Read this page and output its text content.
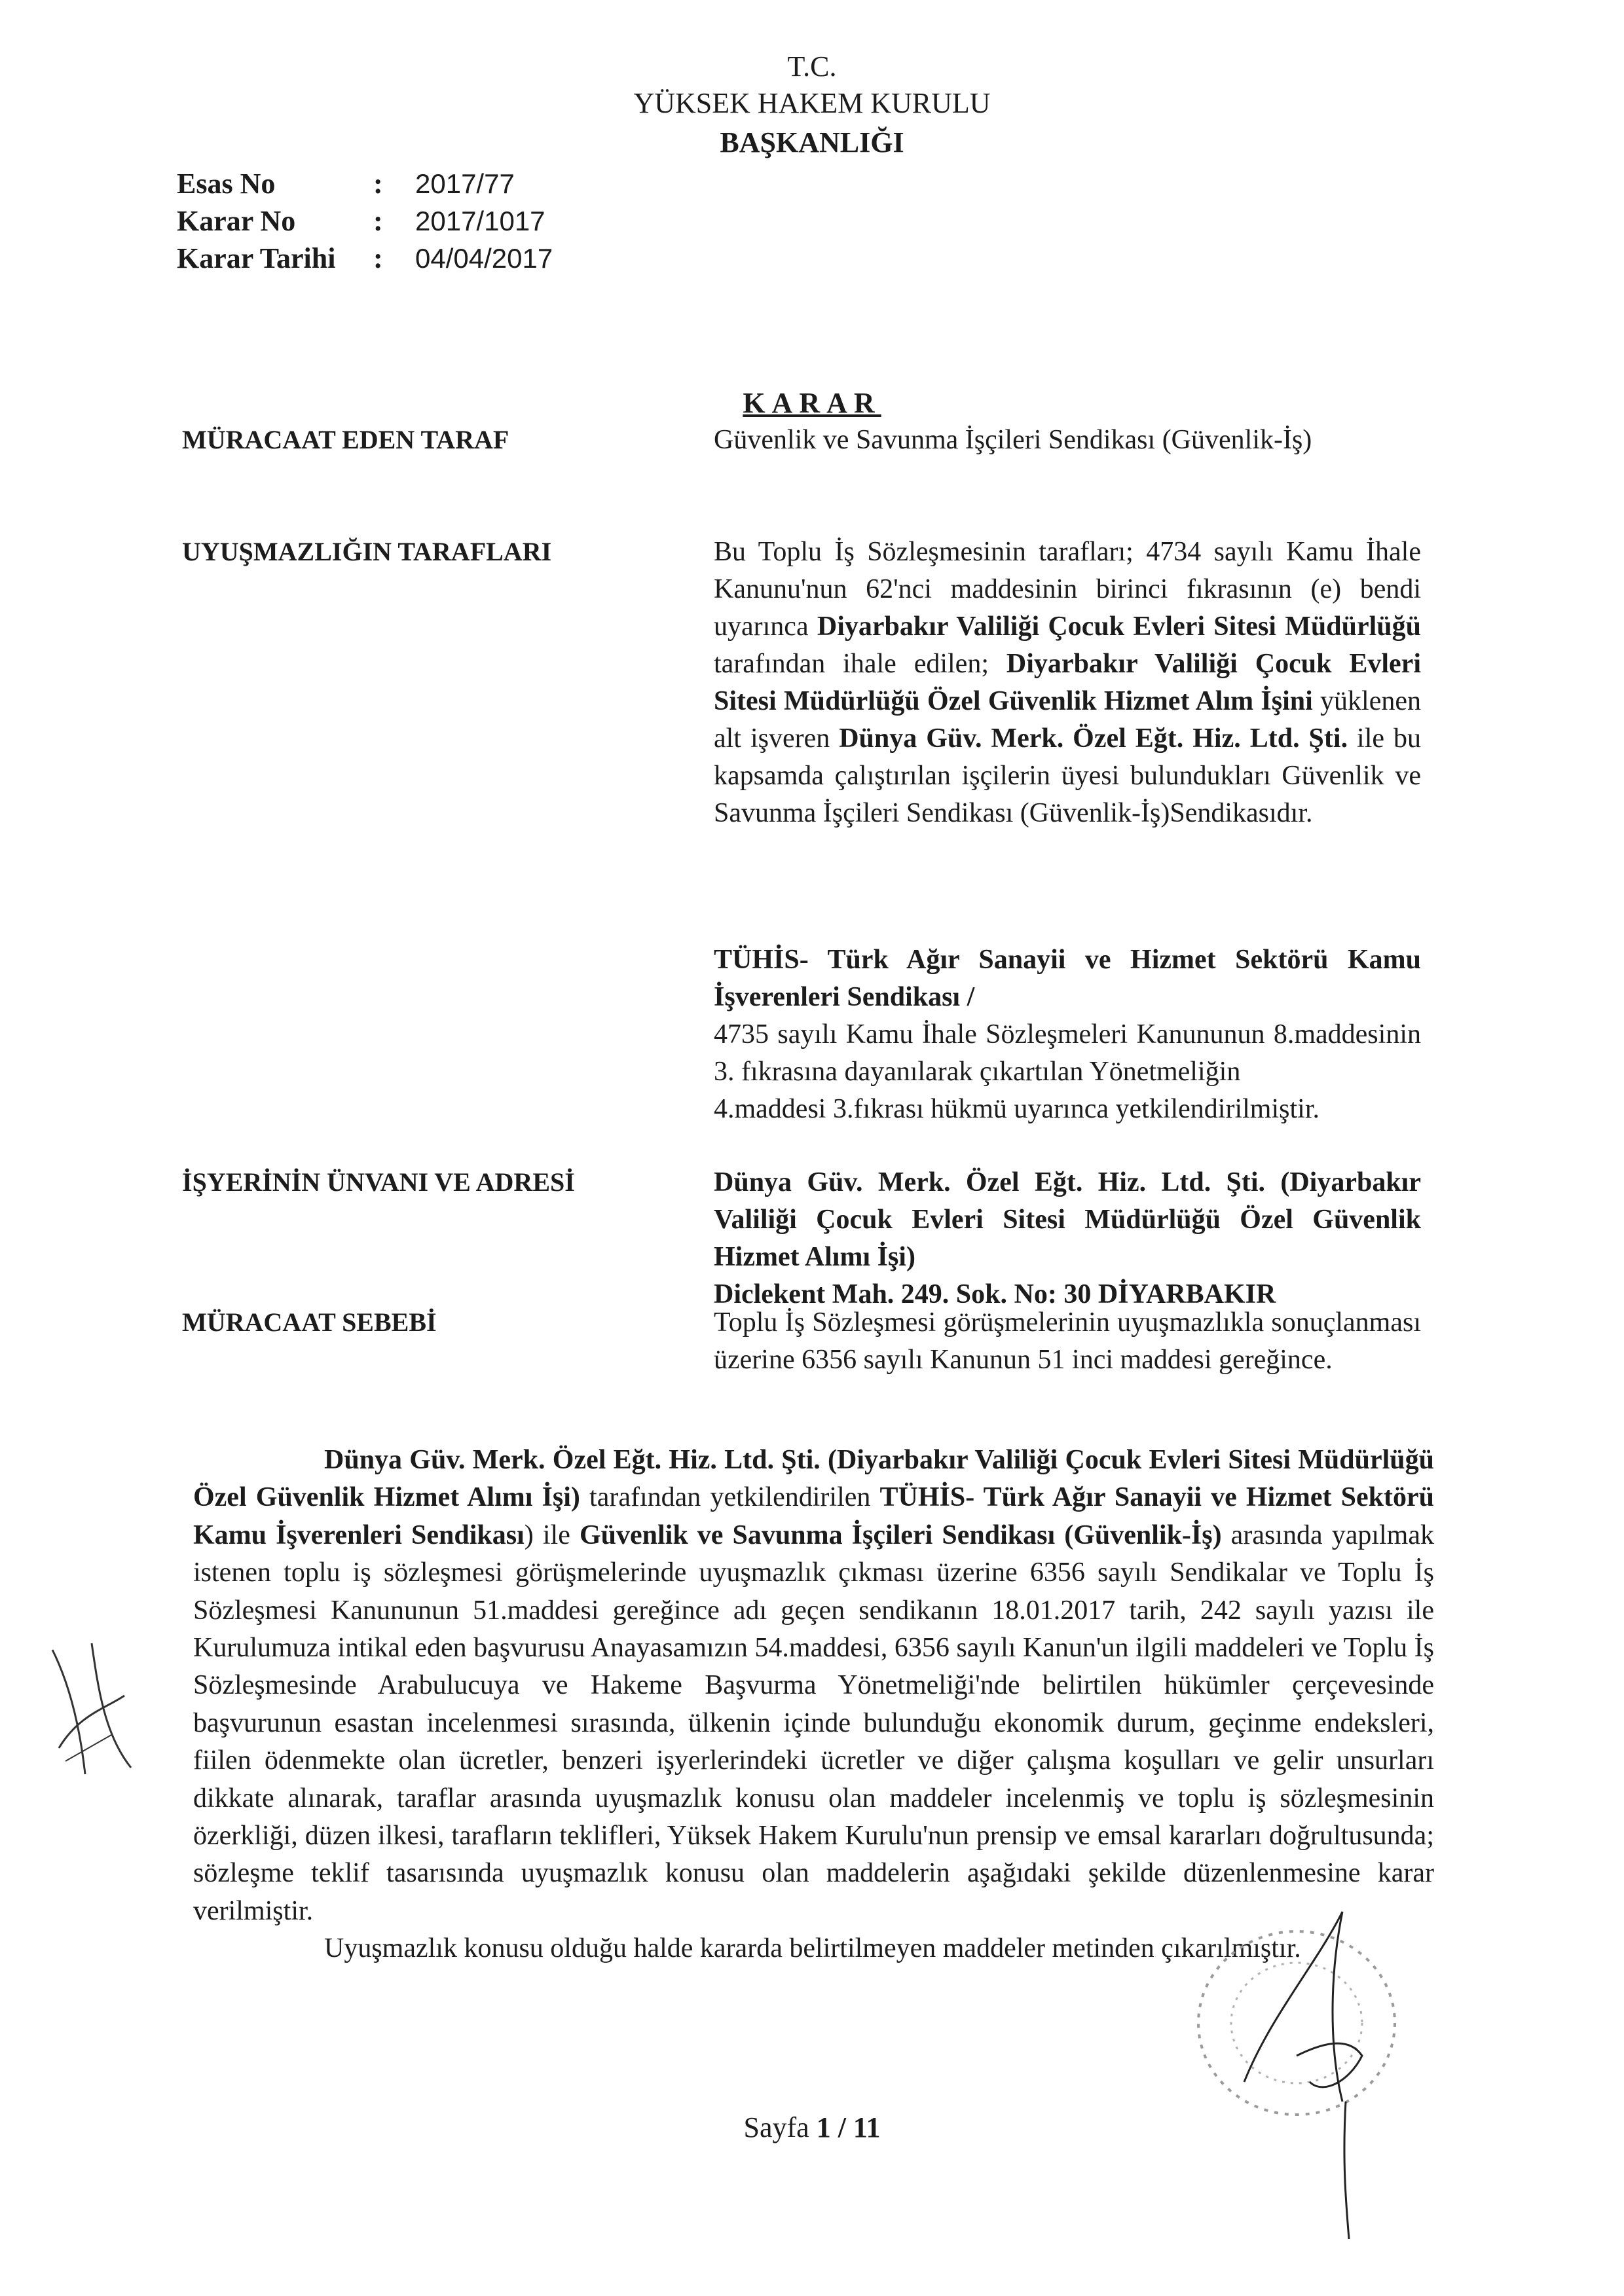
T.C.
YÜKSEK HAKEM KURULU
BAŞKANLIĞI
Esas No	:	2017/77
Karar No	:	2017/1017
Karar Tarihi	:	04/04/2017
KARAR
MÜRACAAT EDEN TARAF	Güvenlik ve Savunma İşçileri Sendikası (Güvenlik-İş)
UYUŞMAZLIĞIN TARAFLARI	Bu Toplu İş Sözleşmesinin tarafları; 4734 sayılı Kamu İhale Kanunu'nun 62'nci maddesinin birinci fıkrasının (e) bendi uyarınca Diyarbakır Valiliği Çocuk Evleri Sitesi Müdürlüğü tarafından ihale edilen; Diyarbakır Valiliği Çocuk Evleri Sitesi Müdürlüğü Özel Güvenlik Hizmet Alım İşini yüklenen alt işveren Dünya Güv. Merk. Özel Eğt. Hiz. Ltd. Şti. ile bu kapsamda çalıştırılan işçilerin üyesi bulundukları Güvenlik ve Savunma İşçileri Sendikası (Güvenlik-İş)Sendikasıdır.

TÜHİS- Türk Ağır Sanayii ve Hizmet Sektörü Kamu İşverenleri Sendikası /

4735 sayılı Kamu İhale Sözleşmeleri Kanununun 8.maddesinin 3. fıkrasına dayanılarak çıkartılan Yönetmeliğin

4.maddesi 3.fıkrası hükmü uyarınca yetkilendirilmiştir.

İŞYERİNİN ÜNVANI VE ADRESİ	Dünya Güv. Merk. Özel Eğt. Hiz. Ltd. Şti. (Diyarbakır Valiliği Çocuk Evleri Sitesi Müdürlüğü Özel Güvenlik Hizmet Alımı İşi)

Diclekent Mah. 249. Sok. No: 30 DİYARBAKIR

MÜRACAAT SEBEBİ	Toplu İş Sözleşmesi görüşmelerinin uyuşmazlıkla sonuçlanması üzerine 6356 sayılı Kanunun 51 inci maddesi gereğince.

Dünya Güv. Merk. Özel Eğt. Hiz. Ltd. Şti. (Diyarbakır Valiliği Çocuk Evleri Sitesi Müdürlüğü Özel Güvenlik Hizmet Alımı İşi) tarafından yetkilendirilen TÜHİS- Türk Ağır Sanayii ve Hizmet Sektörü Kamu İşverenleri Sendikası) ile Güvenlik ve Savunma İşçileri Sendikası (Güvenlik-İş) arasında yapılmak istenen toplu iş sözleşmesi görüşmelerinde uyuşmazlık çıkması üzerine 6356 sayılı Sendikalar ve Toplu İş Sözleşmesi Kanununun 51.maddesi gereğince adı geçen sendikanın 18.01.2017 tarih, 242 sayılı yazısı ile Kurulumuza intikal eden başvurusu Anayasamızın 54.maddesi, 6356 sayılı Kanun'un ilgili maddeleri ve Toplu İş Sözleşmesinde Arabulucuya ve Hakeme Başvurma Yönetmeliği'nde belirtilen hükümler çerçevesinde başvurunun esastan incelenmesi sırasında, ülkenin içinde bulunduğu ekonomik durum, geçinme endeksleri, fiilen ödenmekte olan ücretler, benzeri işyerlerindeki ücretler ve diğer çalışma koşulları ve gelir unsurları dikkate alınarak, taraflar arasında uyuşmazlık konusu olan maddeler incelenmiş ve toplu iş sözleşmesinin özerkliği, düzen ilkesi, tarafların teklifleri, Yüksek Hakem Kurulu'nun prensip ve emsal kararları doğrultusunda; sözleşme teklif tasarısında uyuşmazlık konusu olan maddelerin aşağıdaki şekilde düzenlenmesine karar verilmiştir.

Uyuşmazlık konusu olduğu halde kararda belirtilmeyen maddeler metinden çıkarılmıştır.

Sayfa 1 / 11
